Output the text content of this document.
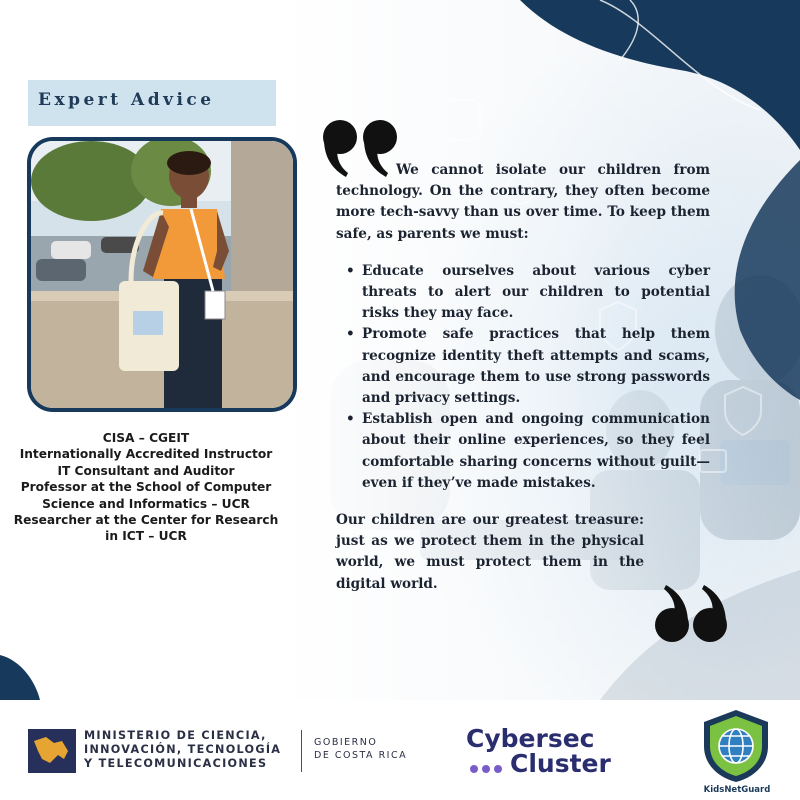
Expert Advice
CISA – CGEIT
Internationally Accredited Instructor
IT Consultant and Auditor
Professor at the School of Computer
Science and Informatics – UCR
Researcher at the Center for Research
in ICT – UCR

We cannot isolate our children from technology. On the contrary, they often become more tech-savvy than us over time. To keep them safe, as parents we must:

• Educate ourselves about various cyber threats to alert our children to potential risks they may face.
• Promote safe practices that help them recognize identity theft attempts and scams, and encourage them to use strong passwords and privacy settings.
• Establish open and ongoing communication about their online experiences, so they feel comfortable sharing concerns without guilt—even if they’ve made mistakes.

Our children are our greatest treasure: just as we protect them in the physical world, we must protect them in the digital world.

MINISTERIO DE CIENCIA,
INNOVACIÓN, TECNOLOGÍA
Y TELECOMUNICACIONES
GOBIERNO
DE COSTA RICA
Cybersec
Cluster
KidsNetGuard
